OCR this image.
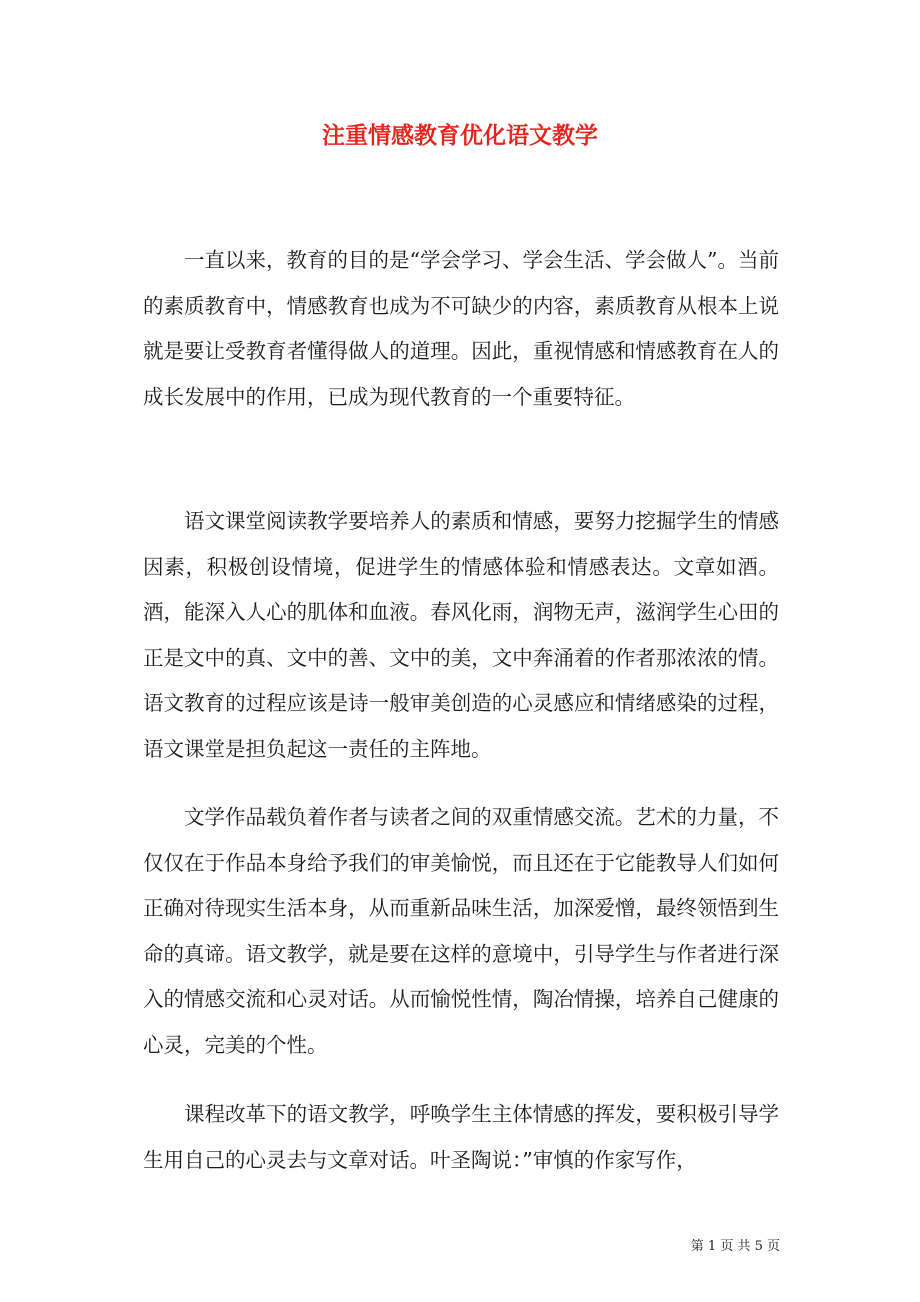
注重情感教育优化语文教学

一直以来，教育的目的是“学会学习、学会生活、学会做人”。当前的素质教育中，情感教育也成为不可缺少的内容，素质教育从根本上说就是要让受教育者懂得做人的道理。因此，重视情感和情感教育在人的成长发展中的作用，已成为现代教育的一个重要特征。

语文课堂阅读教学要培养人的素质和情感，要努力挖掘学生的情感因素，积极创设情境，促进学生的情感体验和情感表达。文章如酒。酒，能深入人心的肌体和血液。春风化雨，润物无声，滋润学生心田的正是文中的真、文中的善、文中的美，文中奔涌着的作者那浓浓的情。语文教育的过程应该是诗一般审美创造的心灵感应和情绪感染的过程，语文课堂是担负起这一责任的主阵地。

文学作品载负着作者与读者之间的双重情感交流。艺术的力量，不仅仅在于作品本身给予我们的审美愉悦，而且还在于它能教导人们如何正确对待现实生活本身，从而重新品味生活，加深爱憎，最终领悟到生命的真谛。语文教学，就是要在这样的意境中，引导学生与作者进行深入的情感交流和心灵对话。从而愉悦性情，陶冶情操，培养自己健康的心灵，完美的个性。

课程改革下的语文教学，呼唤学生主体情感的挥发，要积极引导学生用自己的心灵去与文章对话。叶圣陶说：”审慎的作家写作，

第 1 页 共 5 页
